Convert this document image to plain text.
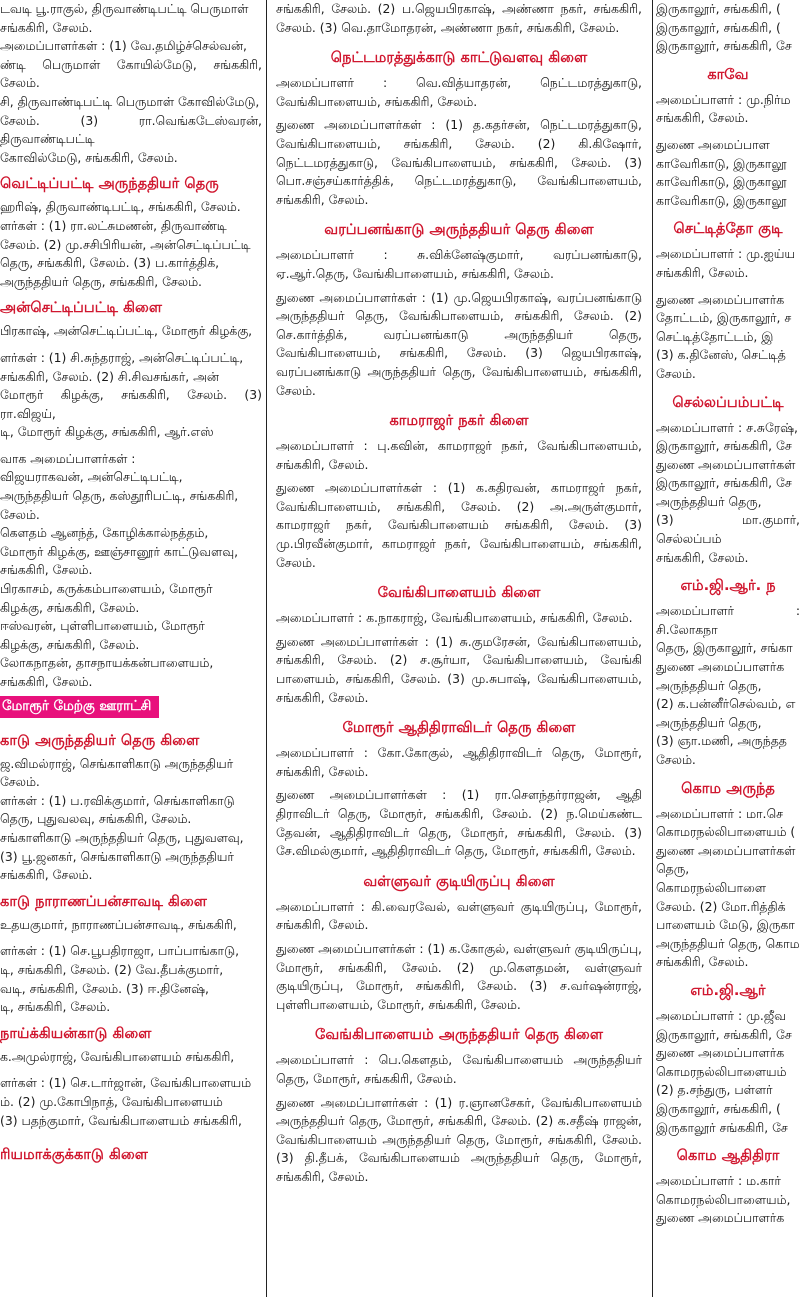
டவடி பூ.ராகுல், திருவாண்டிபட்டி பெருமாள்

சங்ககிரி, சேலம்.

அமைப்பாளர்கள் : (1) வே.தமிழ்ச்செல்வன்,

ண்டி பெருமாள் கோயில்மேடு, சங்ககிரி, சேலம்.

சி, திருவாண்டிபட்டி பெருமாள் கோவில்மேடு,

சேலம். (3) ரா.வெங்கடேஸ்வரன், திருவாண்டிபட்டி

கோவில்மேடு, சங்ககிரி, சேலம்.

வெட்டிப்பட்டி அருந்ததியர் தெரு

ஹரிஷ், திருவாண்டிபட்டி, சங்ககிரி, சேலம்.

ளர்கள் : (1) ரா.லட்சுமணன், திருவாண்டி

சேலம். (2) மு.சசிபிரியன், அன்செட்டிப்பட்டி

தெரு, சங்ககிரி, சேலம். (3) ப.கார்த்திக்,

அருந்ததியர் தெரு, சங்ககிரி, சேலம்.

அன்செட்டிப்பட்டி கிளை

பிரகாஷ், அன்செட்டிப்பட்டி, மோரூர் கிழக்கு,

ளர்கள் : (1) சி.சுந்தராஜ், அன்செட்டிப்பட்டி,

சங்ககிரி, சேலம். (2) சி.சிவசங்கர், அன்

மோரூர் கிழக்கு, சங்ககிரி, சேலம். (3) ரா.விஜய்,

டி, மோரூர் கிழக்கு, சங்ககிரி, ஆர்.எஸ்

வாக அமைப்பாளர்கள் :

விஜயராகவன், அன்செட்டிபட்டி,

அருந்ததியர் தெரு, கஸ்தூரிபட்டி, சங்ககிரி,

சேலம்.

கௌதம் ஆனந்த், கோழிக்கால்நத்தம்,

மோரூர் கிழக்கு, ஊஞ்சானூர் காட்டுவளவு,

சங்ககிரி, சேலம்.

பிரகாசம், கருக்கம்பாளையம், மோரூர்

கிழக்கு, சங்ககிரி, சேலம்.

ஈஸ்வரன், புள்ளிபாளையம், மோரூர்

கிழக்கு, சங்ககிரி, சேலம்.

லோகநாதன், தாசநாயக்கன்பாளையம்,

சங்ககிரி, சேலம்.

மோரூர் மேற்கு ஊராட்சி
காடு அருந்ததியர் தெரு கிளை

ஜ.விமல்ராஜ், செங்காளிகாடு அருந்ததியர்

சேலம்.

ளர்கள் : (1) ப.ரவிக்குமார், செங்காளிகாடு

தெரு, புதுவலவு, சங்ககிரி, சேலம்.

சங்காளிகாடு அருந்ததியர் தெரு, புதுவளவு,

(3) பூ.ஜனகர், செங்காளிகாடு அருந்ததியர்

சங்ககிரி, சேலம்.

காடு நாராணப்பன்சாவடி கிளை

உதயகுமார், நாராணப்பன்சாவடி, சங்ககிரி,

ளர்கள் : (1) செ.பூபதிராஜா, பாப்பாங்காடு,

டி, சங்ககிரி, சேலம். (2) வே.தீபக்குமார்,

வடி, சங்ககிரி, சேலம். (3) ஈ.தினேஷ்,

டி, சங்ககிரி, சேலம்.

நாய்க்கியன்காடு கிளை

க.அமுல்ராஜ், வேங்கிபாளையம் சங்ககிரி,

ளர்கள் : (1) செ.டார்ஜான், வேங்கிபாளையம்

ம். (2) மு.கோபிநாத், வேங்கிபாளையம்

(3) பதந்குமார், வேங்கிபாளையம் சங்ககிரி,

ரியமாக்குக்காடு கிளை

சங்ககிரி, சேலம். (2) ப.ஜெயபிரகாஷ், அண்ணா நகர், சங்ககிரி, சேலம். (3) வெ.தாமோதரன், அண்ணா நகர், சங்ககிரி, சேலம்.

நெட்டமரத்துக்காடு காட்டுவளவு கிளை

அமைப்பாளர் : வெ.வித்யாதரன், நெட்டமரத்துகாடு, வேங்கிபாளையம், சங்ககிரி, சேலம்.

துணை அமைப்பாளர்கள் : (1) த.கதர்சன், நெட்டமரத்துகாடு, வேங்கிபாளையம், சங்ககிரி, சேலம். (2) கி.கிஷோர், நெட்டமரத்துகாடு, வேங்கிபாளையம், சங்ககிரி, சேலம். (3) பொ.சஞ்சய்கார்த்திக், நெட்டமரத்துகாடு, வேங்கிபாளையம், சங்ககிரி, சேலம்.

வரப்பனங்காடு அருந்ததியர் தெரு கிளை

அமைப்பாளர் : சு.விக்னேஷ்குமார், வரப்பனங்காடு, ஏ.ஆர்.தெரு, வேங்கிபாளையம், சங்ககிரி, சேலம்.

துணை அமைப்பாளர்கள் : (1) மு.ஜெயபிரகாஷ், வரப்பனங்காடு அருந்ததியர் தெரு, வேங்கிபாளையம், சங்ககிரி, சேலம். (2) செ.கார்த்திக், வரப்பனங்காடு அருந்ததியர் தெரு, வேங்கிபாளையம், சங்ககிரி, சேலம். (3) ஜெயபிரகாஷ், வரப்பனங்காடு அருந்ததியர் தெரு, வேங்கிபாளையம், சங்ககிரி, சேலம்.

காமராஜர் நகர் கிளை

அமைப்பாளர் : பு.கவின், காமராஜர் நகர், வேங்கிபாளையம், சங்ககிரி, சேலம்.

துணை அமைப்பாளர்கள் : (1) க.கதிரவன், காமராஜர் நகர், வேங்கிபாளையம், சங்ககிரி, சேலம். (2) அ.அருள்குமார், காமராஜர் நகர், வேங்கிபாளையம் சங்ககிரி, சேலம். (3) மு.பிரவீன்குமார், காமராஜர் நகர், வேங்கிபாளையம், சங்ககிரி, சேலம்.

வேங்கிபாளையம் கிளை

அமைப்பாளர் : க.நாகராஜ், வேங்கிபாளையம், சங்ககிரி, சேலம்.

துணை அமைப்பாளர்கள் : (1) சு.குமரேசன், வேங்கிபாளையம், சங்ககிரி, சேலம். (2) ச.சூர்யா, வேங்கிபாளையம், வேங்கி பாளையம், சங்ககிரி, சேலம். (3) மு.சுபாஷ், வேங்கிபாளையம், சங்ககிரி, சேலம்.

மோரூர் ஆதிதிராவிடர் தெரு கிளை

அமைப்பாளர் : கோ.கோகுல், ஆதிதிராவிடர் தெரு, மோரூர், சங்ககிரி, சேலம்.

துணை அமைப்பாளர்கள் : (1) ரா.சௌந்தர்ராஜன், ஆதி திராவிடர் தெரு, மோரூர், சங்ககிரி, சேலம். (2) ந.மெய்கண்ட தேவன், ஆதிதிராவிடர் தெரு, மோரூர், சங்ககிரி, சேலம். (3) சே.விமல்குமார், ஆதிதிராவிடர் தெரு, மோரூர், சங்ககிரி, சேலம்.

வள்ளுவர் குடியிருப்பு கிளை

அமைப்பாளர் : கி.வைரவேல், வள்ளுவர் குடியிருப்பு, மோரூர், சங்ககிரி, சேலம்.

துணை அமைப்பாளர்கள் : (1) க.கோகுல், வள்ளுவர் குடியிருப்பு, மோரூர், சங்ககிரி, சேலம். (2) மு.கௌதமன், வள்ளுவர் குடியிருப்பு, மோரூர், சங்ககிரி, சேலம். (3) ச.வர்ஷன்ராஜ், புள்ளிபாளையம், மோரூர், சங்ககிரி, சேலம்.

வேங்கிபாளையம் அருந்ததியர் தெரு கிளை

அமைப்பாளர் : பெ.கௌதம், வேங்கிபாளையம் அருந்ததியர் தெரு, மோரூர், சங்ககிரி, சேலம்.

துணை அமைப்பாளர்கள் : (1) ர.ஞானசேகர், வேங்கிபாளையம் அருந்ததியர் தெரு, மோரூர், சங்ககிரி, சேலம். (2) க.சதீஷ் ராஜன், வேங்கிபாளையம் அருந்ததியர் தெரு, மோரூர், சங்ககிரி, சேலம். (3) தி.தீபக், வேங்கிபாளையம் அருந்ததியர் தெரு, மோரூர், சங்ககிரி, சேலம்.

இருகாலூர், சங்ககிரி, (

இருகாலூர், சங்ககிரி, (

இருகாலூர், சங்ககிரி, சே

காவே

அமைப்பாளர் : மு.நிர்ம

சங்ககிரி, சேலம்.

துணை அமைப்பாள

காவேரிகாடு, இருகாலூ

காவேரிகாடு, இருகாலூ

காவேரிகாடு, இருகாலூ

செட்டித்தோ குடி

அமைப்பாளர் : மு.ஐய்ய

சங்ககிரி, சேலம்.

துணை அமைப்பாளர்க

தோட்டம், இருகாலூர், ச

செட்டித்தோட்டம், இ

(3) க.தினேஸ், செட்டித்

சேலம்.

செல்லப்பம்பட்டி

அமைப்பாளர் : ச.சுரேஷ்,

இருகாலூர், சங்ககிரி, சே

துணை அமைப்பாளர்கள்

இருகாலூர், சங்ககிரி, சே

அருந்ததியர் தெரு,

(3) மா.குமார், செல்லப்பம்

சங்ககிரி, சேலம்.

எம்.ஜி.ஆர். ந

அமைப்பாளர் : சி.லோகநா

தெரு, இருகாலூர், சங்கா

துணை அமைப்பாளர்க

அருந்ததியர் தெரு,

(2) க.பன்னீர்செல்வம், எ

அருந்ததியர் தெரு,

(3) ஞா.மணி, அருந்தத

சேலம்.

கொம அருந்த

அமைப்பாளர் : மா.செ

கொமரநல்லிபாளையம் (

துணை அமைப்பாளர்கள்

தெரு, கொமரநல்லிபாளை

சேலம். (2) மோ.ரித்திக்

பாளையம் மேடு, இருகா

அருந்ததியர் தெரு, கொம

சங்ககிரி, சேலம்.

எம்.ஜி.ஆர்

அமைப்பாளர் : மு.ஜீவ

இருகாலூர், சங்ககிரி, சே

துணை அமைப்பாளர்க

கொமரநல்லிபாளையம்

(2) த.சந்துரு, பள்ளர்

இருகாலூர், சங்ககிரி, (

இருகாலூர் சங்ககிரி, சே

கொம ஆதிதிரா

அமைப்பாளர் : ம.கார்

கொமரநல்லிபாளையம்,

துணை அமைப்பாளர்க
